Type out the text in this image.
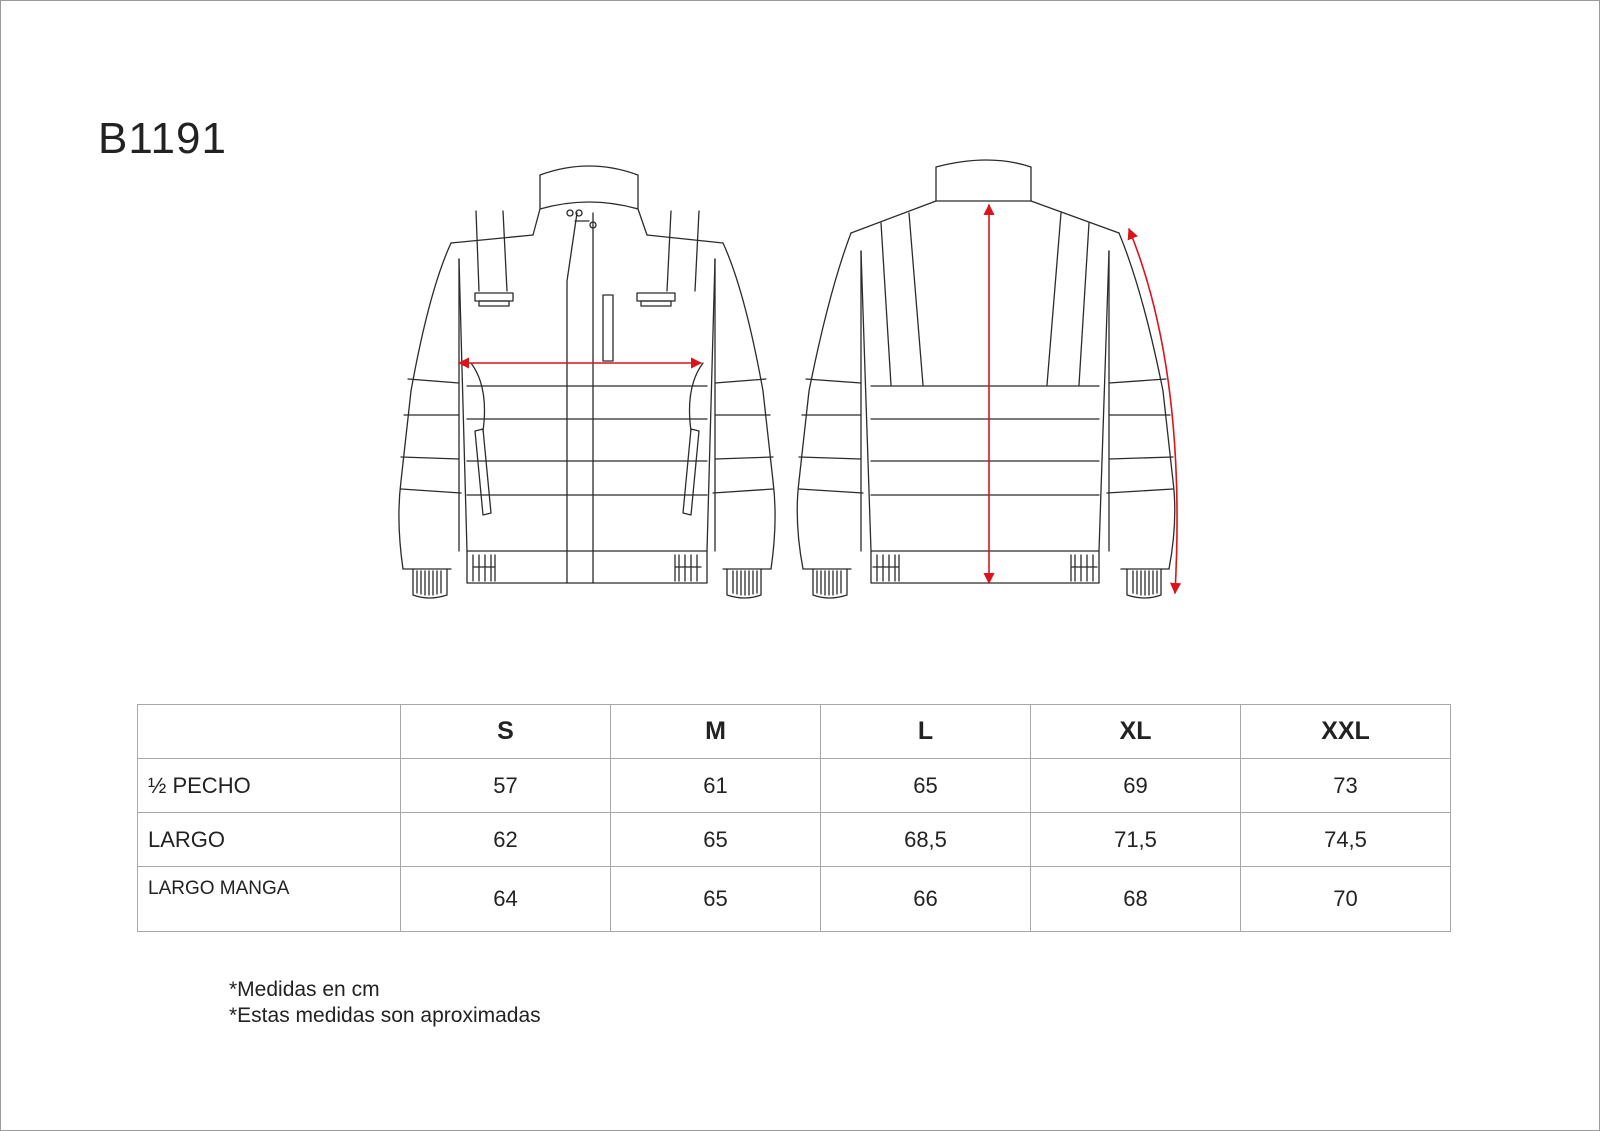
B1191
	S	M	L	XL	XXL
½ PECHO	57	61	65	69	73
LARGO	62	65	68,5	71,5	74,5
LARGO MANGA	64	65	66	68	70
*Medidas en cm
*Estas medidas son aproximadas
